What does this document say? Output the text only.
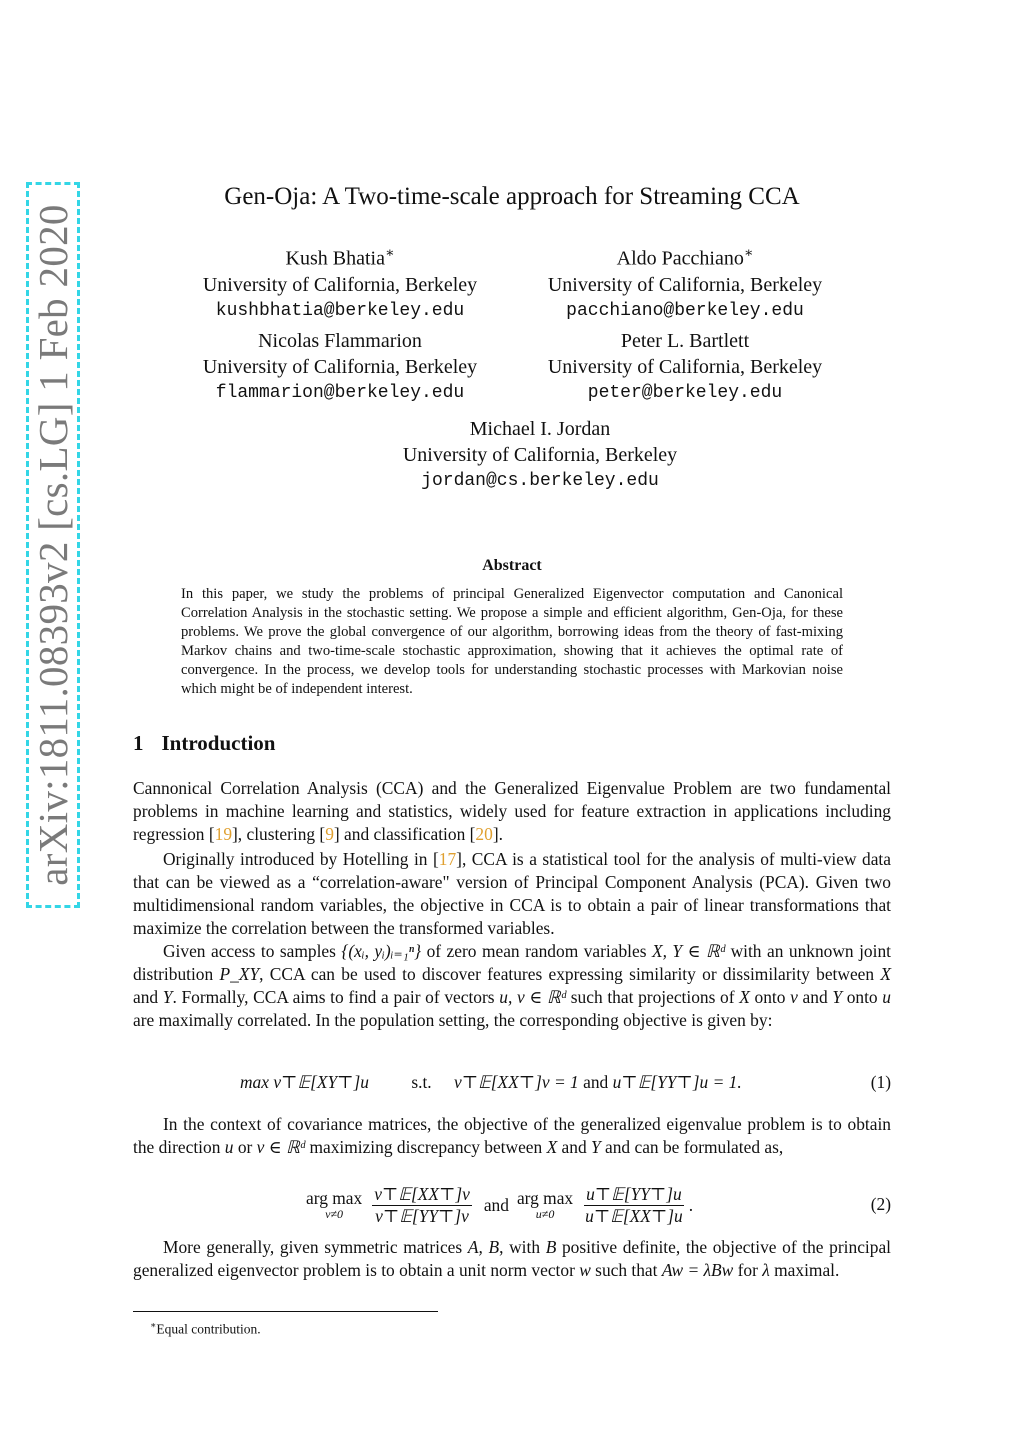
arXiv:1811.08393v2 [cs.LG] 1 Feb 2020
Gen-Oja: A Two-time-scale approach for Streaming CCA
Kush Bhatia∗
University of California, Berkeley
kushbhatia@berkeley.edu
Aldo Pacchiano∗
University of California, Berkeley
pacchiano@berkeley.edu
Nicolas Flammarion
University of California, Berkeley
flammarion@berkeley.edu
Peter L. Bartlett
University of California, Berkeley
peter@berkeley.edu
Michael I. Jordan
University of California, Berkeley
jordan@cs.berkeley.edu
Abstract
In this paper, we study the problems of principal Generalized Eigenvector computation and Canonical Correlation Analysis in the stochastic setting. We propose a simple and efficient algorithm, Gen-Oja, for these problems. We prove the global convergence of our algorithm, borrowing ideas from the theory of fast-mixing Markov chains and two-time-scale stochastic approximation, showing that it achieves the optimal rate of convergence. In the process, we develop tools for understanding stochastic processes with Markovian noise which might be of independent interest.
1 Introduction
Cannonical Correlation Analysis (CCA) and the Generalized Eigenvalue Problem are two fundamental problems in machine learning and statistics, widely used for feature extraction in applications including regression [19], clustering [9] and classification [20].
Originally introduced by Hotelling in [17], CCA is a statistical tool for the analysis of multi-view data that can be viewed as a “correlation-aware" version of Principal Component Analysis (PCA). Given two multidimensional random variables, the objective in CCA is to obtain a pair of linear transformations that maximize the correlation between the transformed variables.
Given access to samples {(xᵢ, yᵢ)ᵢ₌₁ⁿ} of zero mean random variables X, Y ∈ ℝᵈ with an unknown joint distribution P_XY, CCA can be used to discover features expressing similarity or dissimilarity between X and Y. Formally, CCA aims to find a pair of vectors u, v ∈ ℝᵈ such that projections of X onto v and Y onto u are maximally correlated. In the population setting, the corresponding objective is given by:
max v⊤𝔼[XY⊤]u s.t. v⊤𝔼[XX⊤]v = 1 and u⊤𝔼[YY⊤]u = 1.	(1)
In the context of covariance matrices, the objective of the generalized eigenvalue problem is to obtain the direction u or v ∈ ℝᵈ maximizing discrepancy between X and Y and can be formulated as,
arg max
$v\ne 0 \frac{\text{v⊤𝔼[XX⊤]v}}{\text{v⊤𝔼[YY⊤]v}}$ and arg max
$u\ne 0 \frac{\text{u⊤𝔼[YY⊤]u}}{\text{u⊤𝔼[XX⊤]u}}$ .	(2)
More generally, given symmetric matrices A, B, with B positive definite, the objective of the principal generalized eigenvector problem is to obtain a unit norm vector w such that Aw = λBw for λ maximal.
∗Equal contribution.
